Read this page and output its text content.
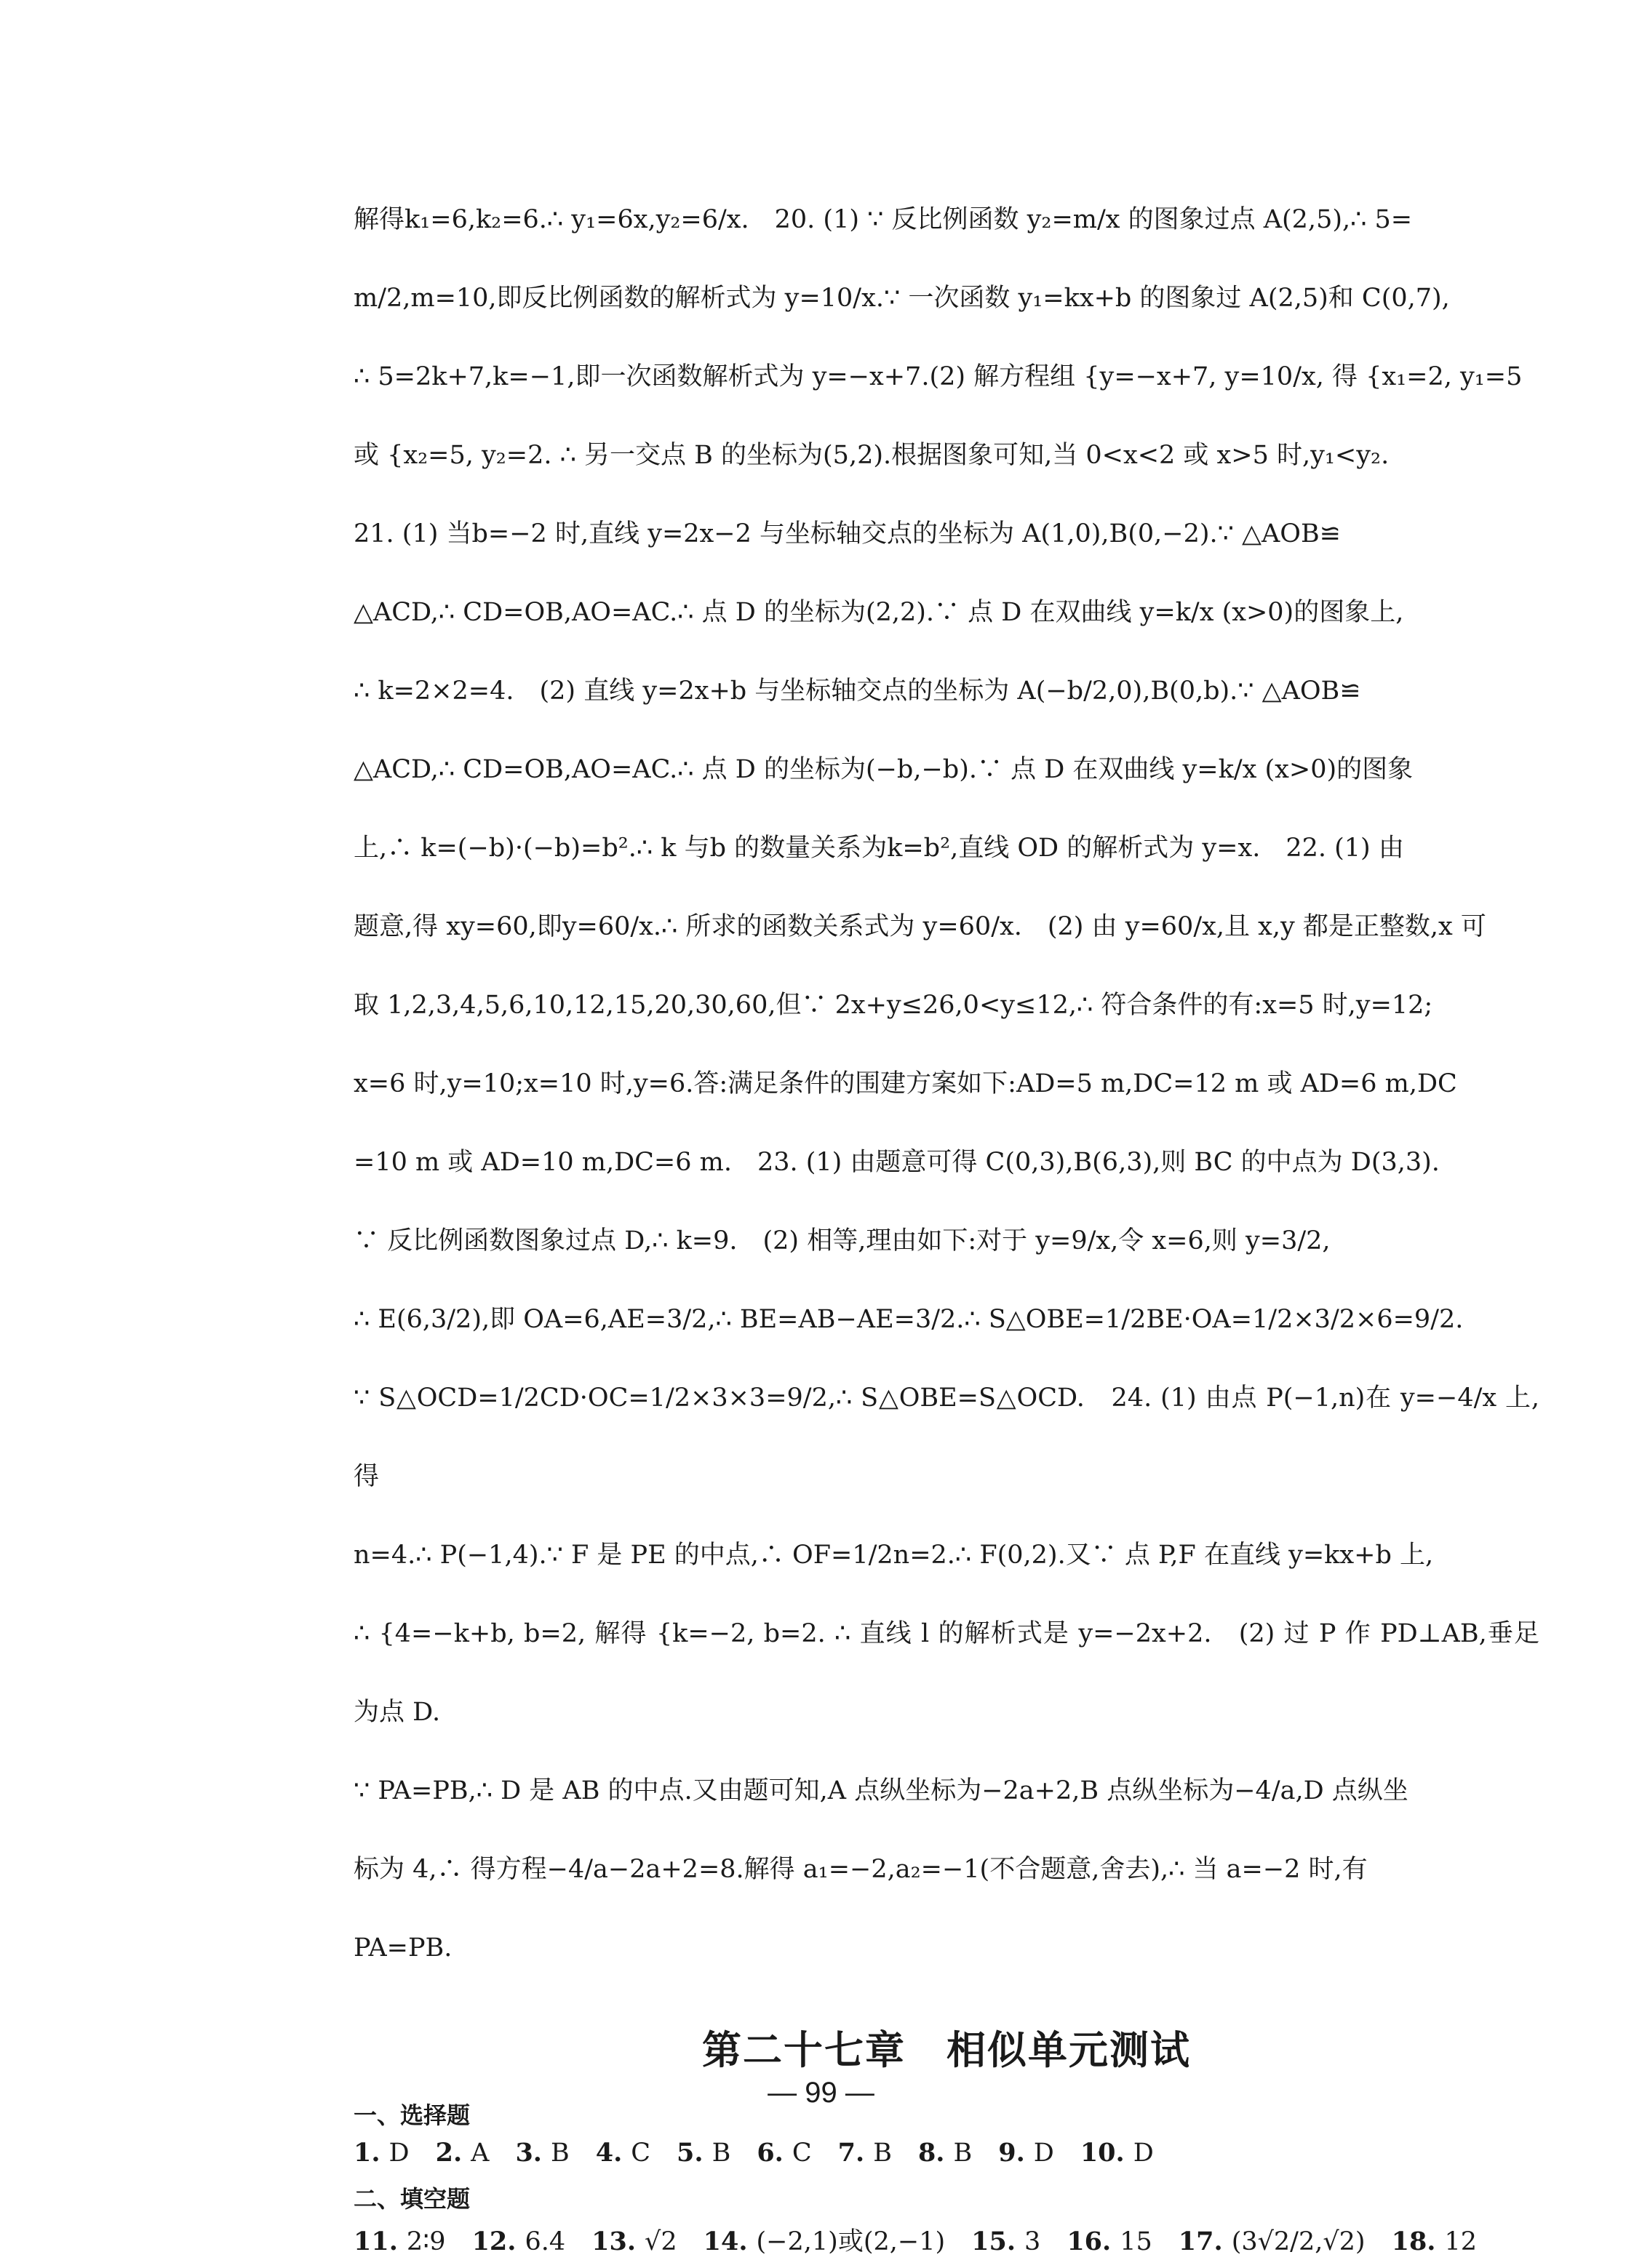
解得k₁=6,k₂=6.∴ y₁=6x,y₂=6/x.　20. (1) ∵ 反比例函数 y₂=m/x 的图象过点 A(2,5),∴ 5=

m/2,m=10,即反比例函数的解析式为 y=10/x.∵ 一次函数 y₁=kx+b 的图象过 A(2,5)和 C(0,7),

∴ 5=2k+7,k=−1,即一次函数解析式为 y=−x+7.(2) 解方程组 {y=−x+7, y=10/x, 得 {x₁=2, y₁=5

或 {x₂=5, y₂=2. ∴ 另一交点 B 的坐标为(5,2).根据图象可知,当 0<x<2 或 x>5 时,y₁<y₂.

21. (1) 当b=−2 时,直线 y=2x−2 与坐标轴交点的坐标为 A(1,0),B(0,−2).∵ △AOB≌

△ACD,∴ CD=OB,AO=AC.∴ 点 D 的坐标为(2,2).∵ 点 D 在双曲线 y=k/x (x>0)的图象上,

∴ k=2×2=4.　(2) 直线 y=2x+b 与坐标轴交点的坐标为 A(−b/2,0),B(0,b).∵ △AOB≌

△ACD,∴ CD=OB,AO=AC.∴ 点 D 的坐标为(−b,−b).∵ 点 D 在双曲线 y=k/x (x>0)的图象

上,∴ k=(−b)·(−b)=b².∴ k 与b 的数量关系为k=b²,直线 OD 的解析式为 y=x.　22. (1) 由

题意,得 xy=60,即y=60/x.∴ 所求的函数关系式为 y=60/x.　(2) 由 y=60/x,且 x,y 都是正整数,x 可

取 1,2,3,4,5,6,10,12,15,20,30,60,但∵ 2x+y≤26,0<y≤12,∴ 符合条件的有:x=5 时,y=12;

x=6 时,y=10;x=10 时,y=6.答:满足条件的围建方案如下:AD=5 m,DC=12 m 或 AD=6 m,DC

=10 m 或 AD=10 m,DC=6 m.　23. (1) 由题意可得 C(0,3),B(6,3),则 BC 的中点为 D(3,3).

∵ 反比例函数图象过点 D,∴ k=9.　(2) 相等,理由如下:对于 y=9/x,令 x=6,则 y=3/2,

∴ E(6,3/2),即 OA=6,AE=3/2,∴ BE=AB−AE=3/2.∴ S△OBE=1/2BE·OA=1/2×3/2×6=9/2.

∵ S△OCD=1/2CD·OC=1/2×3×3=9/2,∴ S△OBE=S△OCD.　24. (1) 由点 P(−1,n)在 y=−4/x 上,得

n=4.∴ P(−1,4).∵ F 是 PE 的中点,∴ OF=1/2n=2.∴ F(0,2).又∵ 点 P,F 在直线 y=kx+b 上,

∴ {4=−k+b, b=2, 解得 {k=−2, b=2. ∴ 直线 l 的解析式是 y=−2x+2.　(2) 过 P 作 PD⊥AB,垂足为点 D.

∵ PA=PB,∴ D 是 AB 的中点.又由题可知,A 点纵坐标为−2a+2,B 点纵坐标为−4/a,D 点纵坐

标为 4,∴ 得方程−4/a−2a+2=8.解得 a₁=−2,a₂=−1(不合题意,舍去),∴ 当 a=−2 时,有

PA=PB.

第二十七章　相似单元测试
一、选择题
1. D 2. A 3. B 4. C 5. B 6. C 7. B 8. B 9. D 10. D
二、填空题
11. 2∶9 12. 6.4 13. √2 14. (−2,1)或(2,−1) 15. 3 16. 15 17. (3√2/2,√2) 18. 12
— 99 —
